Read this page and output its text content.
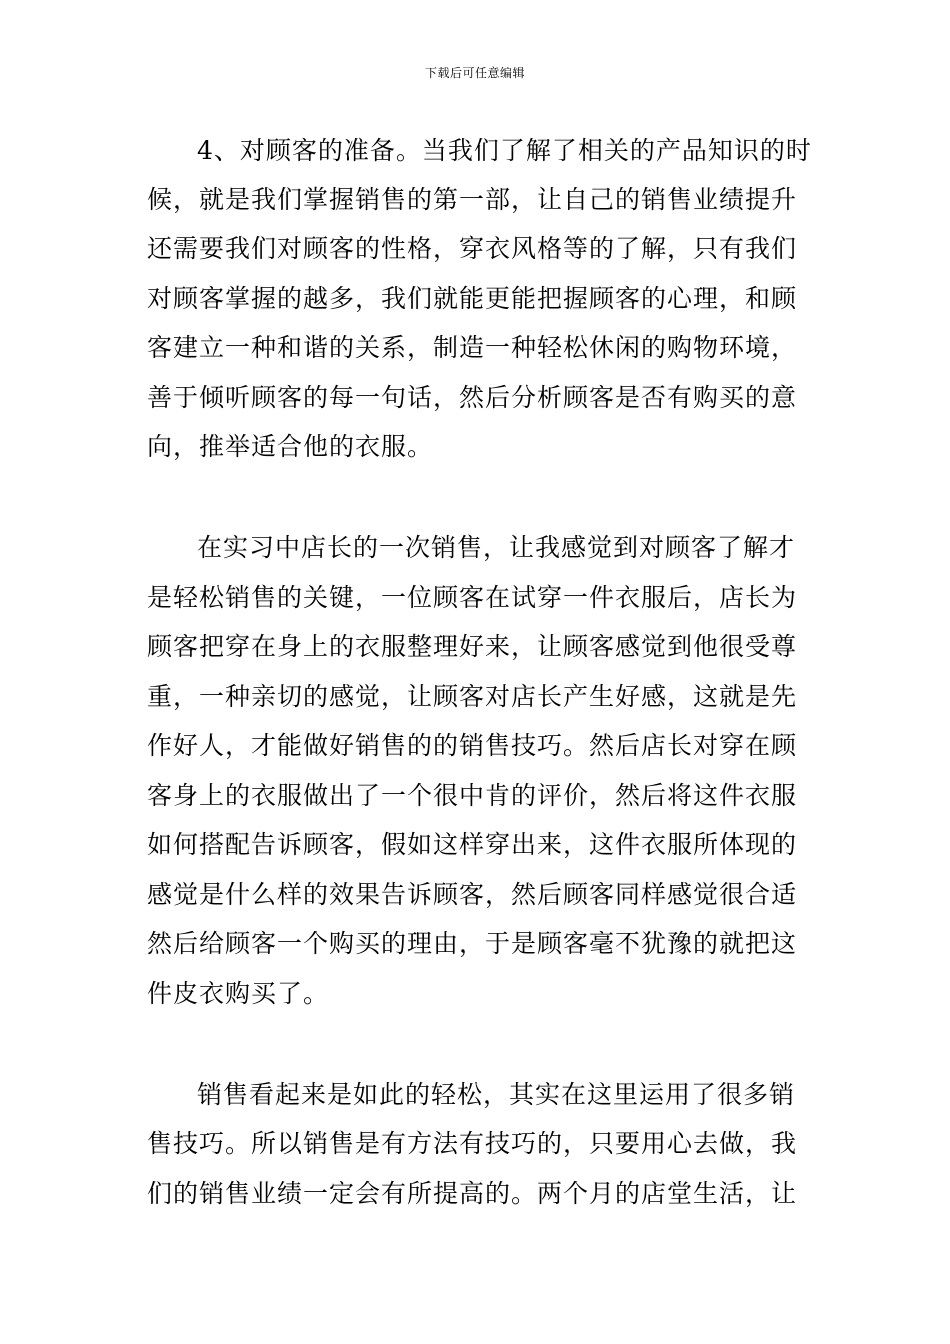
下载后可任意编辑
4、对顾客的准备。当我们了解了相关的产品知识的时
候，就是我们掌握销售的第一部，让自己的销售业绩提升
还需要我们对顾客的性格，穿衣风格等的了解，只有我们
对顾客掌握的越多，我们就能更能把握顾客的心理，和顾
客建立一种和谐的关系，制造一种轻松休闲的购物环境，
善于倾听顾客的每一句话，然后分析顾客是否有购买的意
向，推举适合他的衣服。
在实习中店长的一次销售，让我感觉到对顾客了解才
是轻松销售的关键，一位顾客在试穿一件衣服后，店长为
顾客把穿在身上的衣服整理好来，让顾客感觉到他很受尊
重，一种亲切的感觉，让顾客对店长产生好感，这就是先
作好人，才能做好销售的的销售技巧。然后店长对穿在顾
客身上的衣服做出了一个很中肯的评价，然后将这件衣服
如何搭配告诉顾客，假如这样穿出来，这件衣服所体现的
感觉是什么样的效果告诉顾客，然后顾客同样感觉很合适
然后给顾客一个购买的理由，于是顾客毫不犹豫的就把这
件皮衣购买了。
销售看起来是如此的轻松，其实在这里运用了很多销
售技巧。所以销售是有方法有技巧的，只要用心去做，我
们的销售业绩一定会有所提高的。两个月的店堂生活，让
